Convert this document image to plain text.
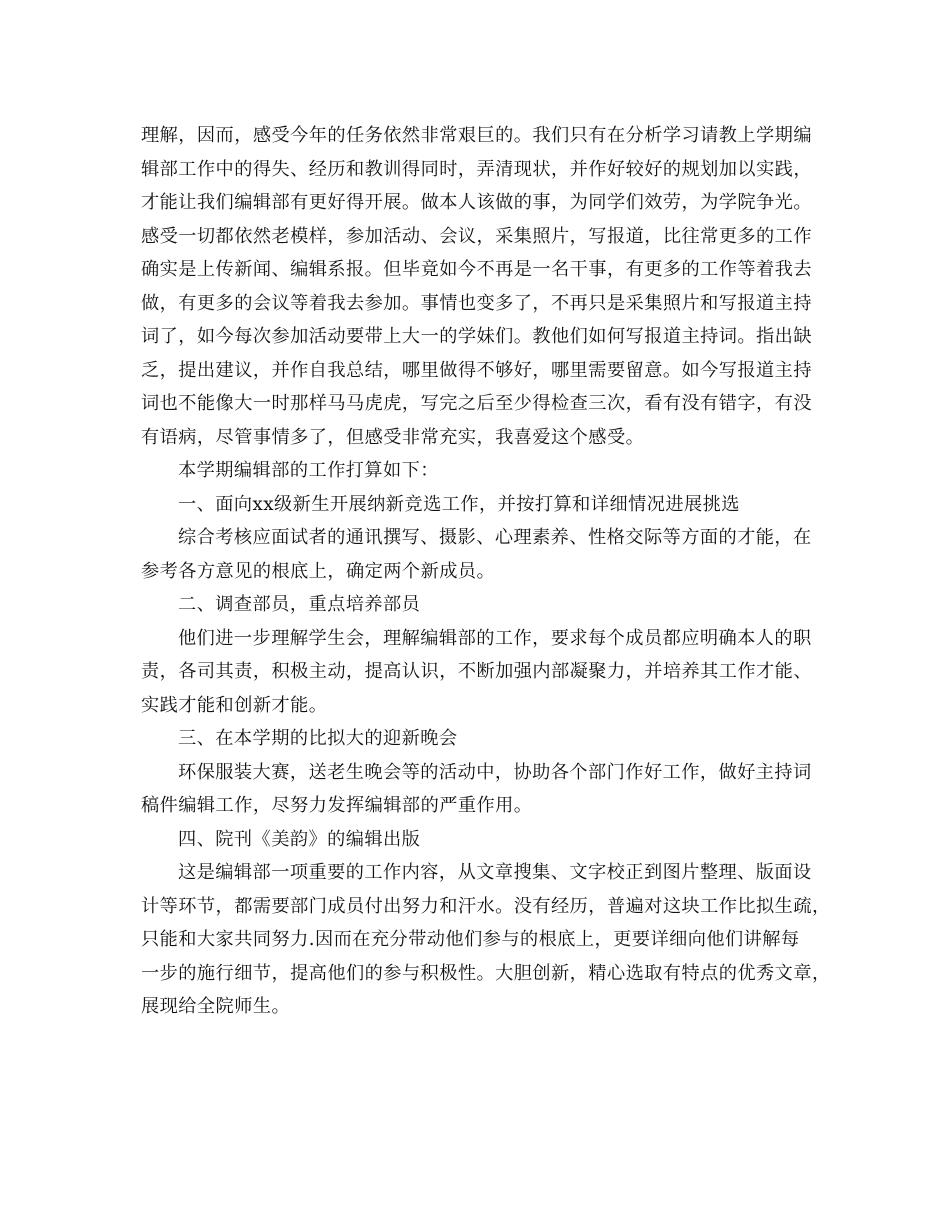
理解，因而，感受今年的任务依然非常艰巨的。我们只有在分析学习请教上学期编
辑部工作中的得失、经历和教训得同时，弄清现状，并作好较好的规划加以实践，
才能让我们编辑部有更好得开展。做本人该做的事，为同学们效劳，为学院争光。
感受一切都依然老模样，参加活动、会议，采集照片，写报道，比往常更多的工作
确实是上传新闻、编辑系报。但毕竟如今不再是一名干事，有更多的工作等着我去
做，有更多的会议等着我去参加。事情也变多了，不再只是采集照片和写报道主持
词了，如今每次参加活动要带上大一的学妹们。教他们如何写报道主持词。指出缺
乏，提出建议，并作自我总结，哪里做得不够好，哪里需要留意。如今写报道主持
词也不能像大一时那样马马虎虎，写完之后至少得检查三次，看有没有错字，有没
有语病，尽管事情多了，但感受非常充实，我喜爱这个感受。
本学期编辑部的工作打算如下：
一、面向xx级新生开展纳新竞选工作，并按打算和详细情况进展挑选
综合考核应面试者的通讯撰写、摄影、心理素养、性格交际等方面的才能，在
参考各方意见的根底上，确定两个新成员。
二、调查部员，重点培养部员
他们进一步理解学生会，理解编辑部的工作，要求每个成员都应明确本人的职
责，各司其责，积极主动，提高认识，不断加强内部凝聚力，并培养其工作才能、
实践才能和创新才能。
三、在本学期的比拟大的迎新晚会
环保服装大赛，送老生晚会等的活动中，协助各个部门作好工作，做好主持词
稿件编辑工作，尽努力发挥编辑部的严重作用。
四、院刊《美韵》的编辑出版
这是编辑部一项重要的工作内容，从文章搜集、文字校正到图片整理、版面设
计等环节，都需要部门成员付出努力和汗水。没有经历，普遍对这块工作比拟生疏，
只能和大家共同努力.因而在充分带动他们参与的根底上，更要详细向他们讲解每
一步的施行细节，提高他们的参与积极性。大胆创新，精心选取有特点的优秀文章，
展现给全院师生。
